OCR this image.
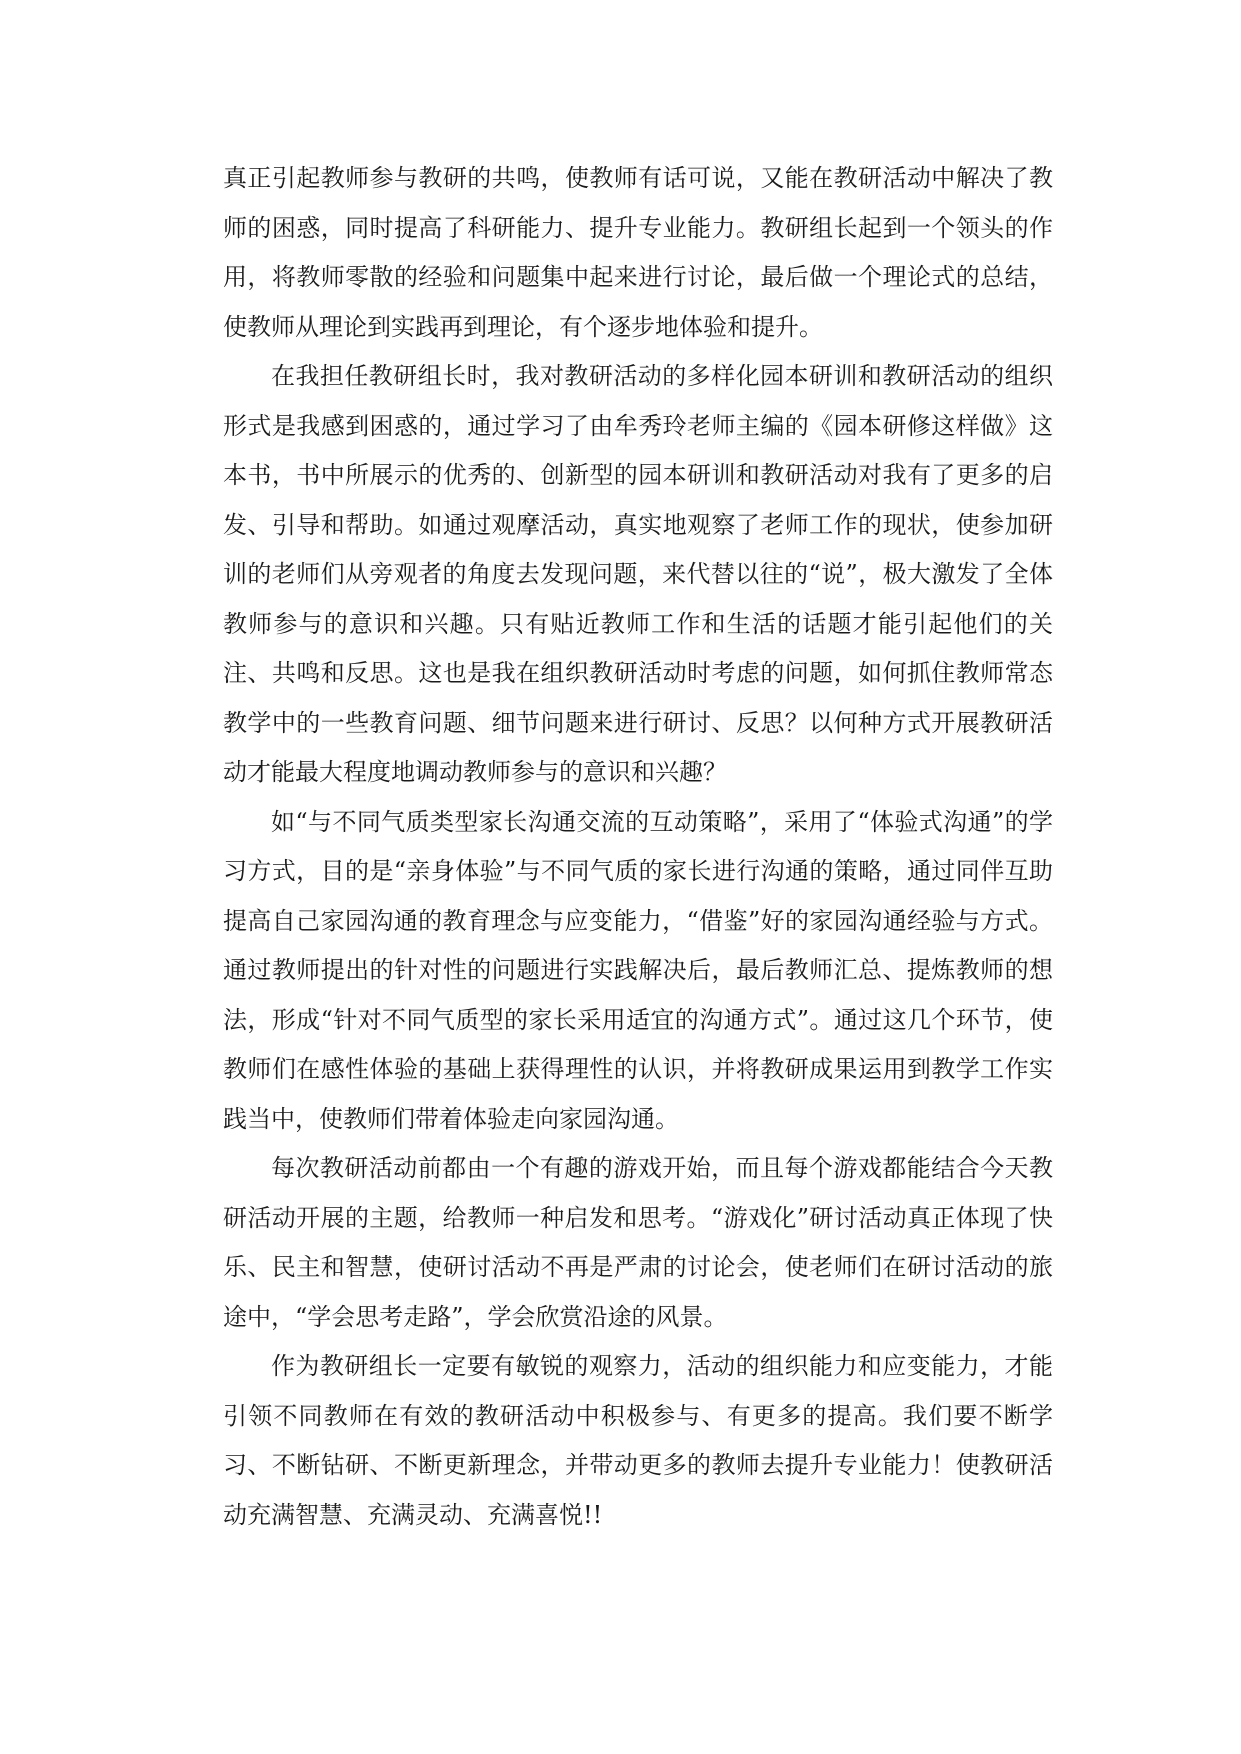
真正引起教师参与教研的共鸣，使教师有话可说，又能在教研活动中解决了教师的困惑，同时提高了科研能力、提升专业能力。教研组长起到一个领头的作用，将教师零散的经验和问题集中起来进行讨论，最后做一个理论式的总结，使教师从理论到实践再到理论，有个逐步地体验和提升。

在我担任教研组长时，我对教研活动的多样化园本研训和教研活动的组织形式是我感到困惑的，通过学习了由牟秀玲老师主编的《园本研修这样做》这本书，书中所展示的优秀的、创新型的园本研训和教研活动对我有了更多的启发、引导和帮助。如通过观摩活动，真实地观察了老师工作的现状，使参加研训的老师们从旁观者的角度去发现问题，来代替以往的“说”，极大激发了全体教师参与的意识和兴趣。只有贴近教师工作和生活的话题才能引起他们的关注、共鸣和反思。这也是我在组织教研活动时考虑的问题，如何抓住教师常态教学中的一些教育问题、细节问题来进行研讨、反思？以何种方式开展教研活动才能最大程度地调动教师参与的意识和兴趣？

如“与不同气质类型家长沟通交流的互动策略”，采用了“体验式沟通”的学习方式，目的是“亲身体验”与不同气质的家长进行沟通的策略，通过同伴互助提高自己家园沟通的教育理念与应变能力，“借鉴”好的家园沟通经验与方式。通过教师提出的针对性的问题进行实践解决后，最后教师汇总、提炼教师的想法，形成“针对不同气质型的家长采用适宜的沟通方式”。通过这几个环节，使教师们在感性体验的基础上获得理性的认识，并将教研成果运用到教学工作实践当中，使教师们带着体验走向家园沟通。

每次教研活动前都由一个有趣的游戏开始，而且每个游戏都能结合今天教研活动开展的主题，给教师一种启发和思考。“游戏化”研讨活动真正体现了快乐、民主和智慧，使研讨活动不再是严肃的讨论会，使老师们在研讨活动的旅途中，“学会思考走路”，学会欣赏沿途的风景。

作为教研组长一定要有敏锐的观察力，活动的组织能力和应变能力，才能引领不同教师在有效的教研活动中积极参与、有更多的提高。我们要不断学习、不断钻研、不断更新理念，并带动更多的教师去提升专业能力！使教研活动充满智慧、充满灵动、充满喜悦!!
